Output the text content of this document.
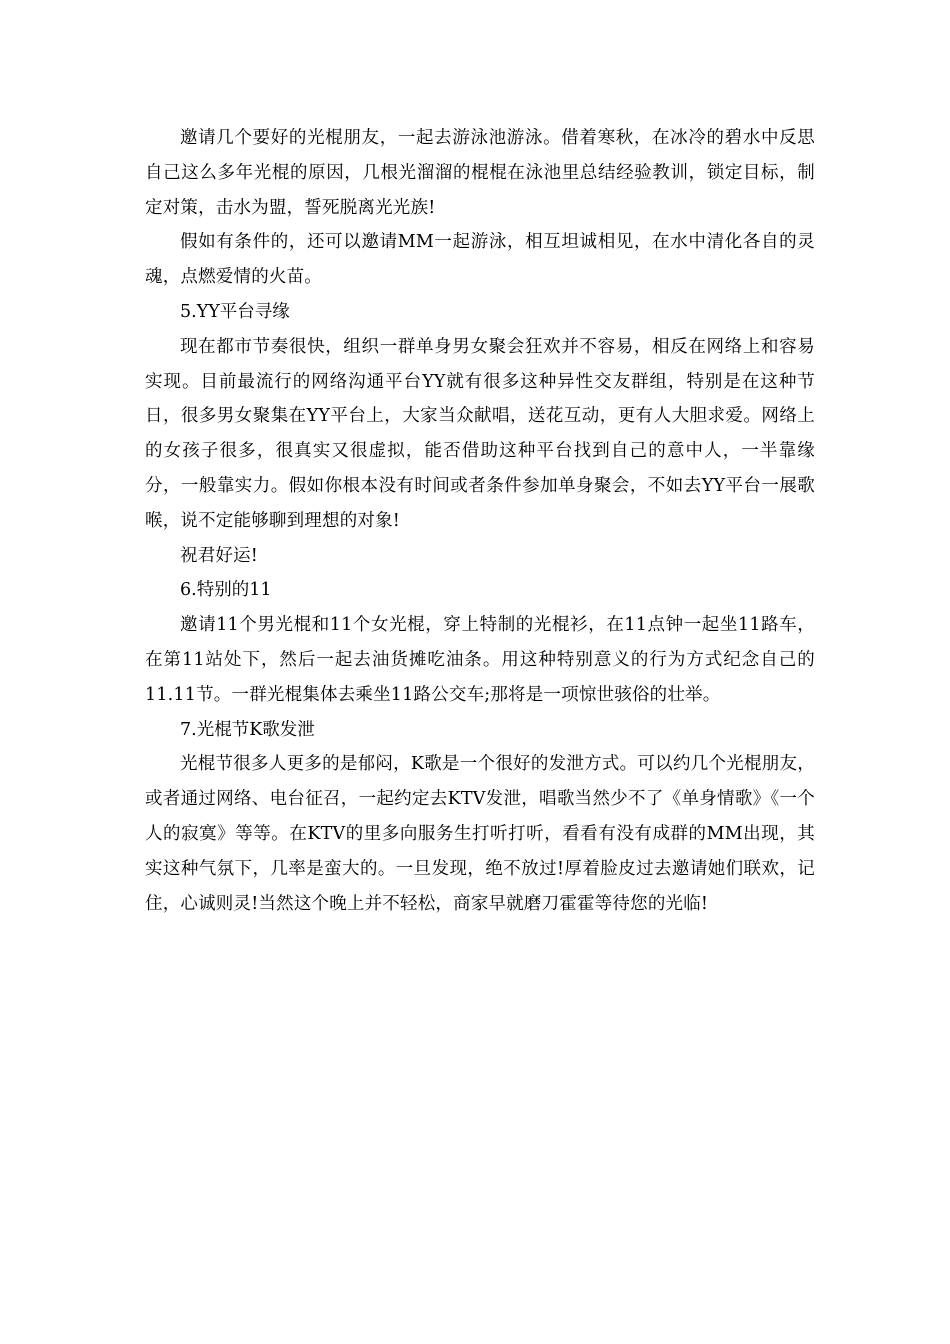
邀请几个要好的光棍朋友，一起去游泳池游泳。借着寒秋，在冰冷的碧水中反思自己这么多年光棍的原因，几根光溜溜的棍棍在泳池里总结经验教训，锁定目标，制定对策，击水为盟，誓死脱离光光族!

假如有条件的，还可以邀请MM一起游泳，相互坦诚相见，在水中清化各自的灵魂，点燃爱情的火苗。

5.YY平台寻缘

现在都市节奏很快，组织一群单身男女聚会狂欢并不容易，相反在网络上和容易实现。目前最流行的网络沟通平台YY就有很多这种异性交友群组，特别是在这种节日，很多男女聚集在YY平台上，大家当众献唱，送花互动，更有人大胆求爱。网络上的女孩子很多，很真实又很虚拟，能否借助这种平台找到自己的意中人，一半靠缘分，一般靠实力。假如你根本没有时间或者条件参加单身聚会，不如去YY平台一展歌喉，说不定能够聊到理想的对象!

祝君好运!

6.特别的11

邀请11个男光棍和11个女光棍，穿上特制的光棍衫，在11点钟一起坐11路车，在第11站处下，然后一起去油货摊吃油条。用这种特别意义的行为方式纪念自己的11.11节。一群光棍集体去乘坐11路公交车;那将是一项惊世骇俗的壮举。

7.光棍节K歌发泄

光棍节很多人更多的是郁闷，K歌是一个很好的发泄方式。可以约几个光棍朋友，或者通过网络、电台征召，一起约定去KTV发泄，唱歌当然少不了《单身情歌》《一个人的寂寞》等等。在KTV的里多向服务生打听打听，看看有没有成群的MM出现，其实这种气氛下，几率是蛮大的。一旦发现，绝不放过!厚着脸皮过去邀请她们联欢，记住，心诚则灵!当然这个晚上并不轻松，商家早就磨刀霍霍等待您的光临!
